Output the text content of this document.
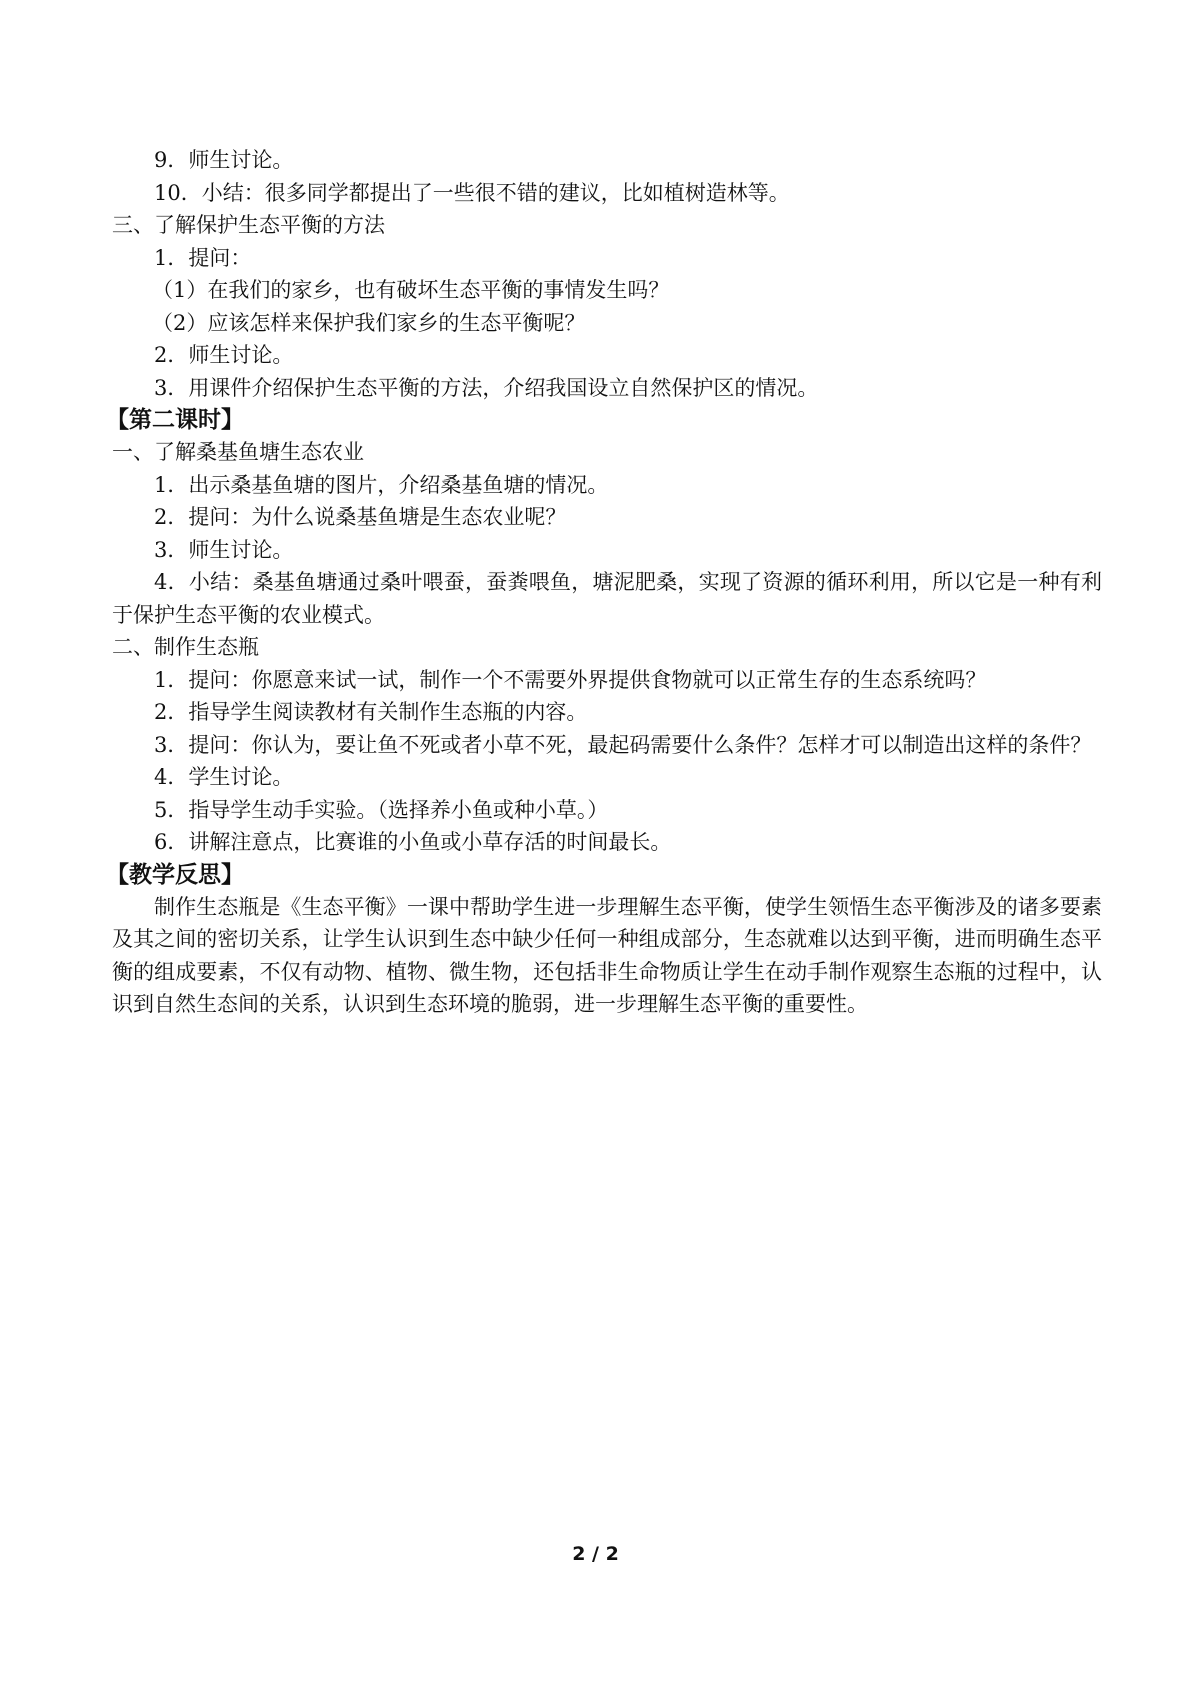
9．师生讨论。
10．小结：很多同学都提出了一些很不错的建议，比如植树造林等。
三、了解保护生态平衡的方法
1．提问：
（1）在我们的家乡，也有破坏生态平衡的事情发生吗？
（2）应该怎样来保护我们家乡的生态平衡呢？
2．师生讨论。
3．用课件介绍保护生态平衡的方法，介绍我国设立自然保护区的情况。
【第二课时】
一、了解桑基鱼塘生态农业
1．出示桑基鱼塘的图片，介绍桑基鱼塘的情况。
2．提问：为什么说桑基鱼塘是生态农业呢？
3．师生讨论。
4．小结：桑基鱼塘通过桑叶喂蚕，蚕粪喂鱼，塘泥肥桑，实现了资源的循环利用，所以它是一种有利于保护生态平衡的农业模式。
二、制作生态瓶
1．提问：你愿意来试一试，制作一个不需要外界提供食物就可以正常生存的生态系统吗？
2．指导学生阅读教材有关制作生态瓶的内容。
3．提问：你认为，要让鱼不死或者小草不死，最起码需要什么条件？怎样才可以制造出这样的条件？
4．学生讨论。
5．指导学生动手实验。（选择养小鱼或种小草。）
6．讲解注意点，比赛谁的小鱼或小草存活的时间最长。
【教学反思】
制作生态瓶是《生态平衡》一课中帮助学生进一步理解生态平衡，使学生领悟生态平衡涉及的诸多要素及其之间的密切关系，让学生认识到生态中缺少任何一种组成部分，生态就难以达到平衡，进而明确生态平衡的组成要素，不仅有动物、植物、微生物，还包括非生命物质让学生在动手制作观察生态瓶的过程中，认识到自然生态间的关系，认识到生态环境的脆弱，进一步理解生态平衡的重要性。
2 / 2
